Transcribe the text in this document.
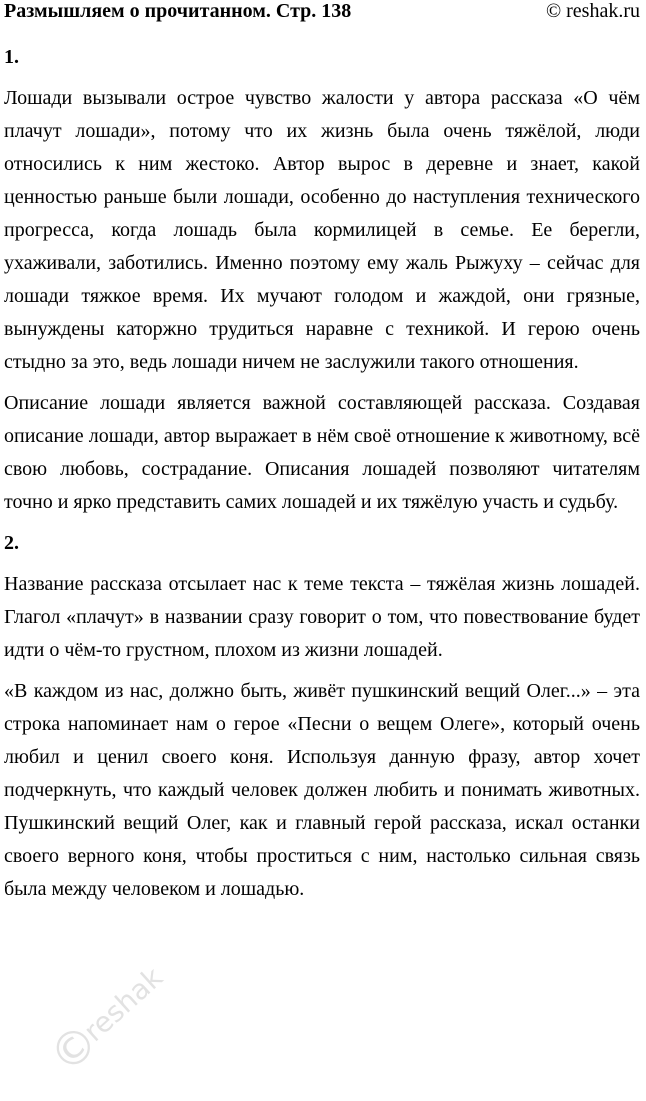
Размышляем о прочитанном. Стр. 138	© reshak.ru

1.

Лошади вызывали острое чувство жалости у автора рассказа «О чём плачут лошади», потому что их жизнь была очень тяжёлой, люди относились к ним жестоко. Автор вырос в деревне и знает, какой ценностью раньше были лошади, особенно до наступления технического прогресса, когда лошадь была кормилицей в семье. Ее берегли, ухаживали, заботились. Именно поэтому ему жаль Рыжуху – сейчас для лошади тяжкое время. Их мучают голодом и жаждой, они грязные, вынуждены каторжно трудиться наравне с техникой. И герою очень стыдно за это, ведь лошади ничем не заслужили такого отношения.

Описание лошади является важной составляющей рассказа. Создавая описание лошади, автор выражает в нём своё отношение к животному, всё свою любовь, сострадание. Описания лошадей позволяют читателям точно и ярко представить самих лошадей и их тяжёлую участь и судьбу.

2.

Название рассказа отсылает нас к теме текста – тяжёлая жизнь лошадей. Глагол «плачут» в названии сразу говорит о том, что повествование будет идти о чём-то грустном, плохом из жизни лошадей.

«В каждом из нас, должно быть, живёт пушкинский вещий Олег...» – эта строка напоминает нам о герое «Песни о вещем Олеге», который очень любил и ценил своего коня. Используя данную фразу, автор хочет подчеркнуть, что каждый человек должен любить и понимать животных. Пушкинский вещий Олег, как и главный герой рассказа, искал останки своего верного коня, чтобы проститься с ним, настолько сильная связь была между человеком и лошадью.

©
reshak
